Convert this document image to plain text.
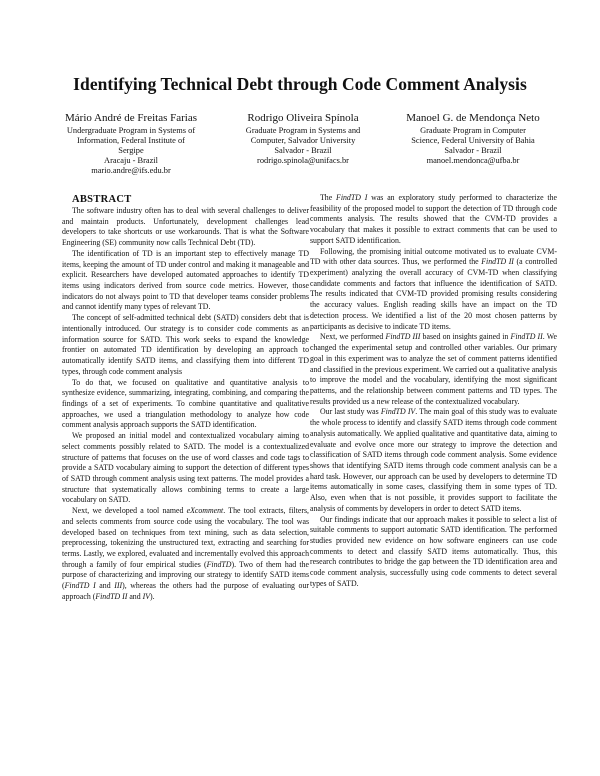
Identifying Technical Debt through Code Comment Analysis
Mário André de Freitas Farias
Undergraduate Program in Systems of
Information, Federal Institute of
Sergipe
Aracaju - Brazil
mario.andre@ifs.edu.br
Rodrigo Oliveira Spínola
Graduate Program in Systems and
Computer, Salvador University
Salvador - Brazil
rodrigo.spinola@unifacs.br
Manoel G. de Mendonça Neto
Graduate Program in Computer
Science, Federal University of Bahia
Salvador - Brazil
manoel.mendonca@ufba.br

ABSTRACT

The software industry often has to deal with several challenges to deliver and maintain products. Unfortunately, development challenges lead developers to take shortcuts or use workarounds. That is what the Software Engineering (SE) community now calls Technical Debt (TD).

The identification of TD is an important step to effectively manage TD items, keeping the amount of TD under control and making it manageable and explicit. Researchers have developed automated approaches to identify TD items using indicators derived from source code metrics. However, those indicators do not always point to TD that developer teams consider problems and cannot identify many types of relevant TD.

The concept of self-admitted technical debt (SATD) considers debt that is intentionally introduced. Our strategy is to consider code comments as an information source for SATD. This work seeks to expand the knowledge frontier on automated TD identification by developing an approach to automatically identify SATD items, and classifying them into different TD types, through code comment analysis

To do that, we focused on qualitative and quantitative analysis to synthesize evidence, summarizing, integrating, combining, and comparing the findings of a set of experiments. To combine quantitative and qualitative approaches, we used a triangulation methodology to analyze how code comment analysis approach supports the SATD identification.

We proposed an initial model and contextualized vocabulary aiming to select comments possibly related to SATD. The model is a contextualized structure of patterns that focuses on the use of word classes and code tags to provide a SATD vocabulary aiming to support the detection of different types of SATD through comment analysis using text patterns. The model provides a structure that systematically allows combining terms to create a large vocabulary on SATD.

Next, we developed a tool named eXcomment. The tool extracts, filters, and selects comments from source code using the vocabulary. The tool was developed based on techniques from text mining, such as data selection, preprocessing, tokenizing the unstructured text, extracting and searching for terms. Lastly, we explored, evaluated and incrementally evolved this approach through a family of four empirical studies (FindTD). Two of them had the purpose of characterizing and improving our strategy to identify SATD items (FindTD I and III), whereas the others had the purpose of evaluating our approach (FindTD II and IV).

The FindTD I was an exploratory study performed to characterize the feasibility of the proposed model to support the detection of TD through code comments analysis. The results showed that the CVM-TD provides a vocabulary that makes it possible to extract comments that can be used to support SATD identification.

Following, the promising initial outcome motivated us to evaluate CVM-TD with other data sources. Thus, we performed the FindTD II (a controlled experiment) analyzing the overall accuracy of CVM-TD when classifying candidate comments and factors that influence the identification of SATD. The results indicated that CVM-TD provided promising results considering the accuracy values. English reading skills have an impact on the TD detection process. We identified a list of the 20 most chosen patterns by participants as decisive to indicate TD items.

Next, we performed FindTD III based on insights gained in FindTD II. We changed the experimental setup and controlled other variables. Our primary goal in this experiment was to analyze the set of comment patterns identified and classified in the previous experiment. We carried out a qualitative analysis to improve the model and the vocabulary, identifying the most significant patterns, and the relationship between comment patterns and TD types. The results provided us a new release of the contextualized vocabulary.

Our last study was FindTD IV. The main goal of this study was to evaluate the whole process to identify and classify SATD items through code comment analysis automatically. We applied qualitative and quantitative data, aiming to evaluate and evolve once more our strategy to improve the detection and classification of SATD items through code comment analysis. Some evidence shows that identifying SATD items through code comment analysis can be a hard task. However, our approach can be used by developers to determine TD items automatically in some cases, classifying them in some types of TD. Also, even when that is not possible, it provides support to facilitate the analysis of comments by developers in order to detect SATD items.

Our findings indicate that our approach makes it possible to select a list of suitable comments to support automatic SATD identification. The performed studies provided new evidence on how software engineers can use code comments to detect and classify SATD items automatically. Thus, this research contributes to bridge the gap between the TD identification area and code comment analysis, successfully using code comments to detect several types of SATD.
